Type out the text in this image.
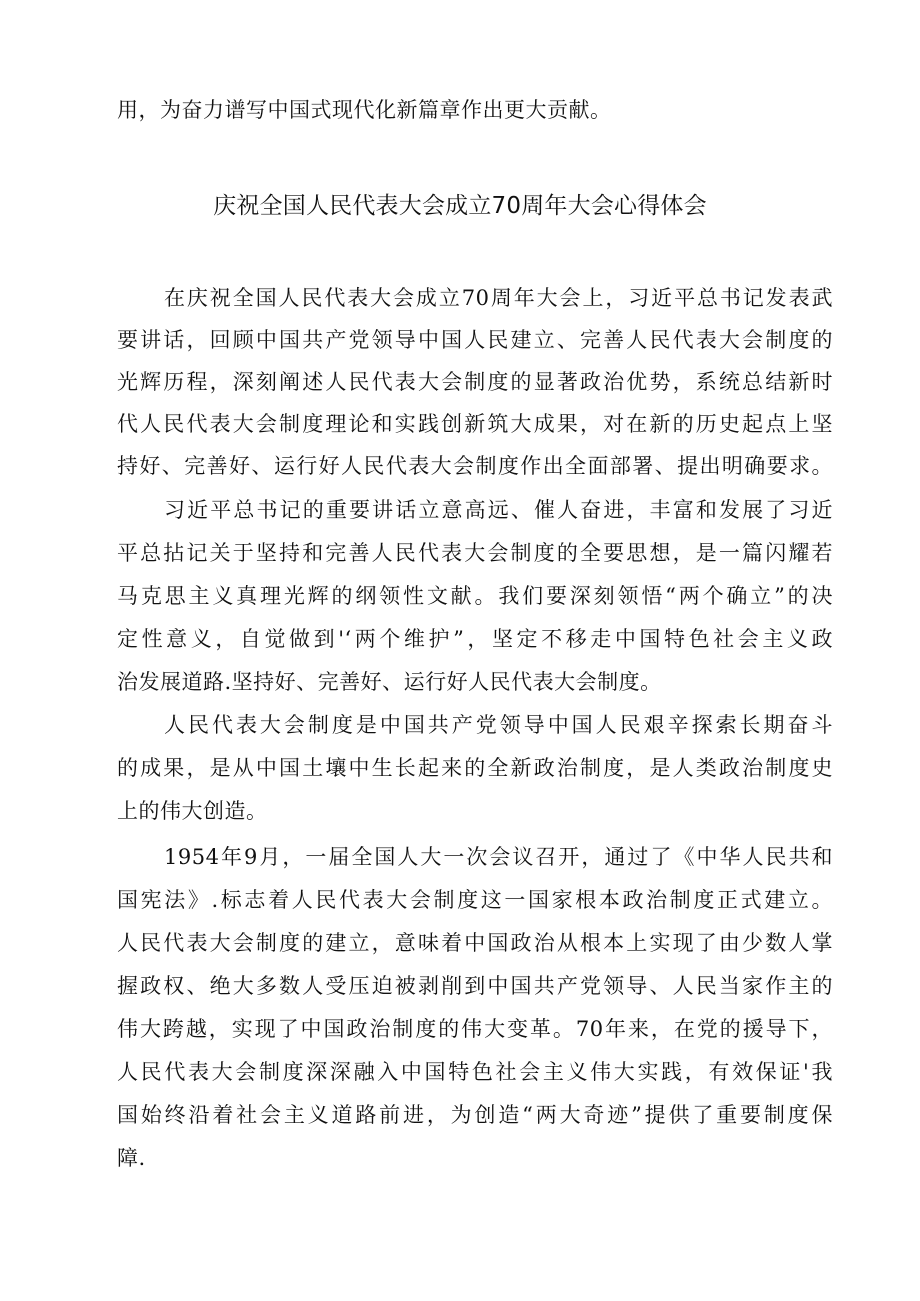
用，为奋力谱写中国式现代化新篇章作出更大贡献。
庆祝全国人民代表大会成立70周年大会心得体会
在庆祝全国人民代表大会成立70周年大会上，习近平总书记发表武
要讲话，回顾中国共产党领导中国人民建立、完善人民代表大会制度的
光辉历程，深刻阐述人民代表大会制度的显著政治优势，系统总结新时
代人民代表大会制度理论和实践创新筑大成果，对在新的历史起点上坚
持好、完善好、运行好人民代表大会制度作出全面部署、提出明确要求。
习近平总书记的重要讲话立意高远、催人奋进，丰富和发展了习近
平总拈记关于坚持和完善人民代表大会制度的全要思想，是一篇闪耀若
马克思主义真理光辉的纲领性文献。我们要深刻领悟“两个确立”的决
定性意义，自觉做到'‘两个维护”，坚定不移走中国特色社会主义政
治发展道路.坚持好、完善好、运行好人民代表大会制度。
人民代表大会制度是中国共产党领导中国人民艰辛探索长期奋斗
的成果，是从中国土壤中生长起来的全新政治制度，是人类政治制度史
上的伟大创造。
1954年9月，一届全国人大一次会议召开，通过了《中华人民共和
国宪法》.标志着人民代表大会制度这一国家根本政治制度正式建立。
人民代表大会制度的建立，意味着中国政治从根本上实现了由少数人掌
握政权、绝大多数人受压迫被剥削到中国共产党领导、人民当家作主的
伟大跨越，实现了中国政治制度的伟大变革。70年来，在党的援导下，
人民代表大会制度深深融入中国特色社会主义伟大实践，有效保证'我
国始终沿着社会主义道路前进，为创造“两大奇迹”提供了重要制度保
障.
